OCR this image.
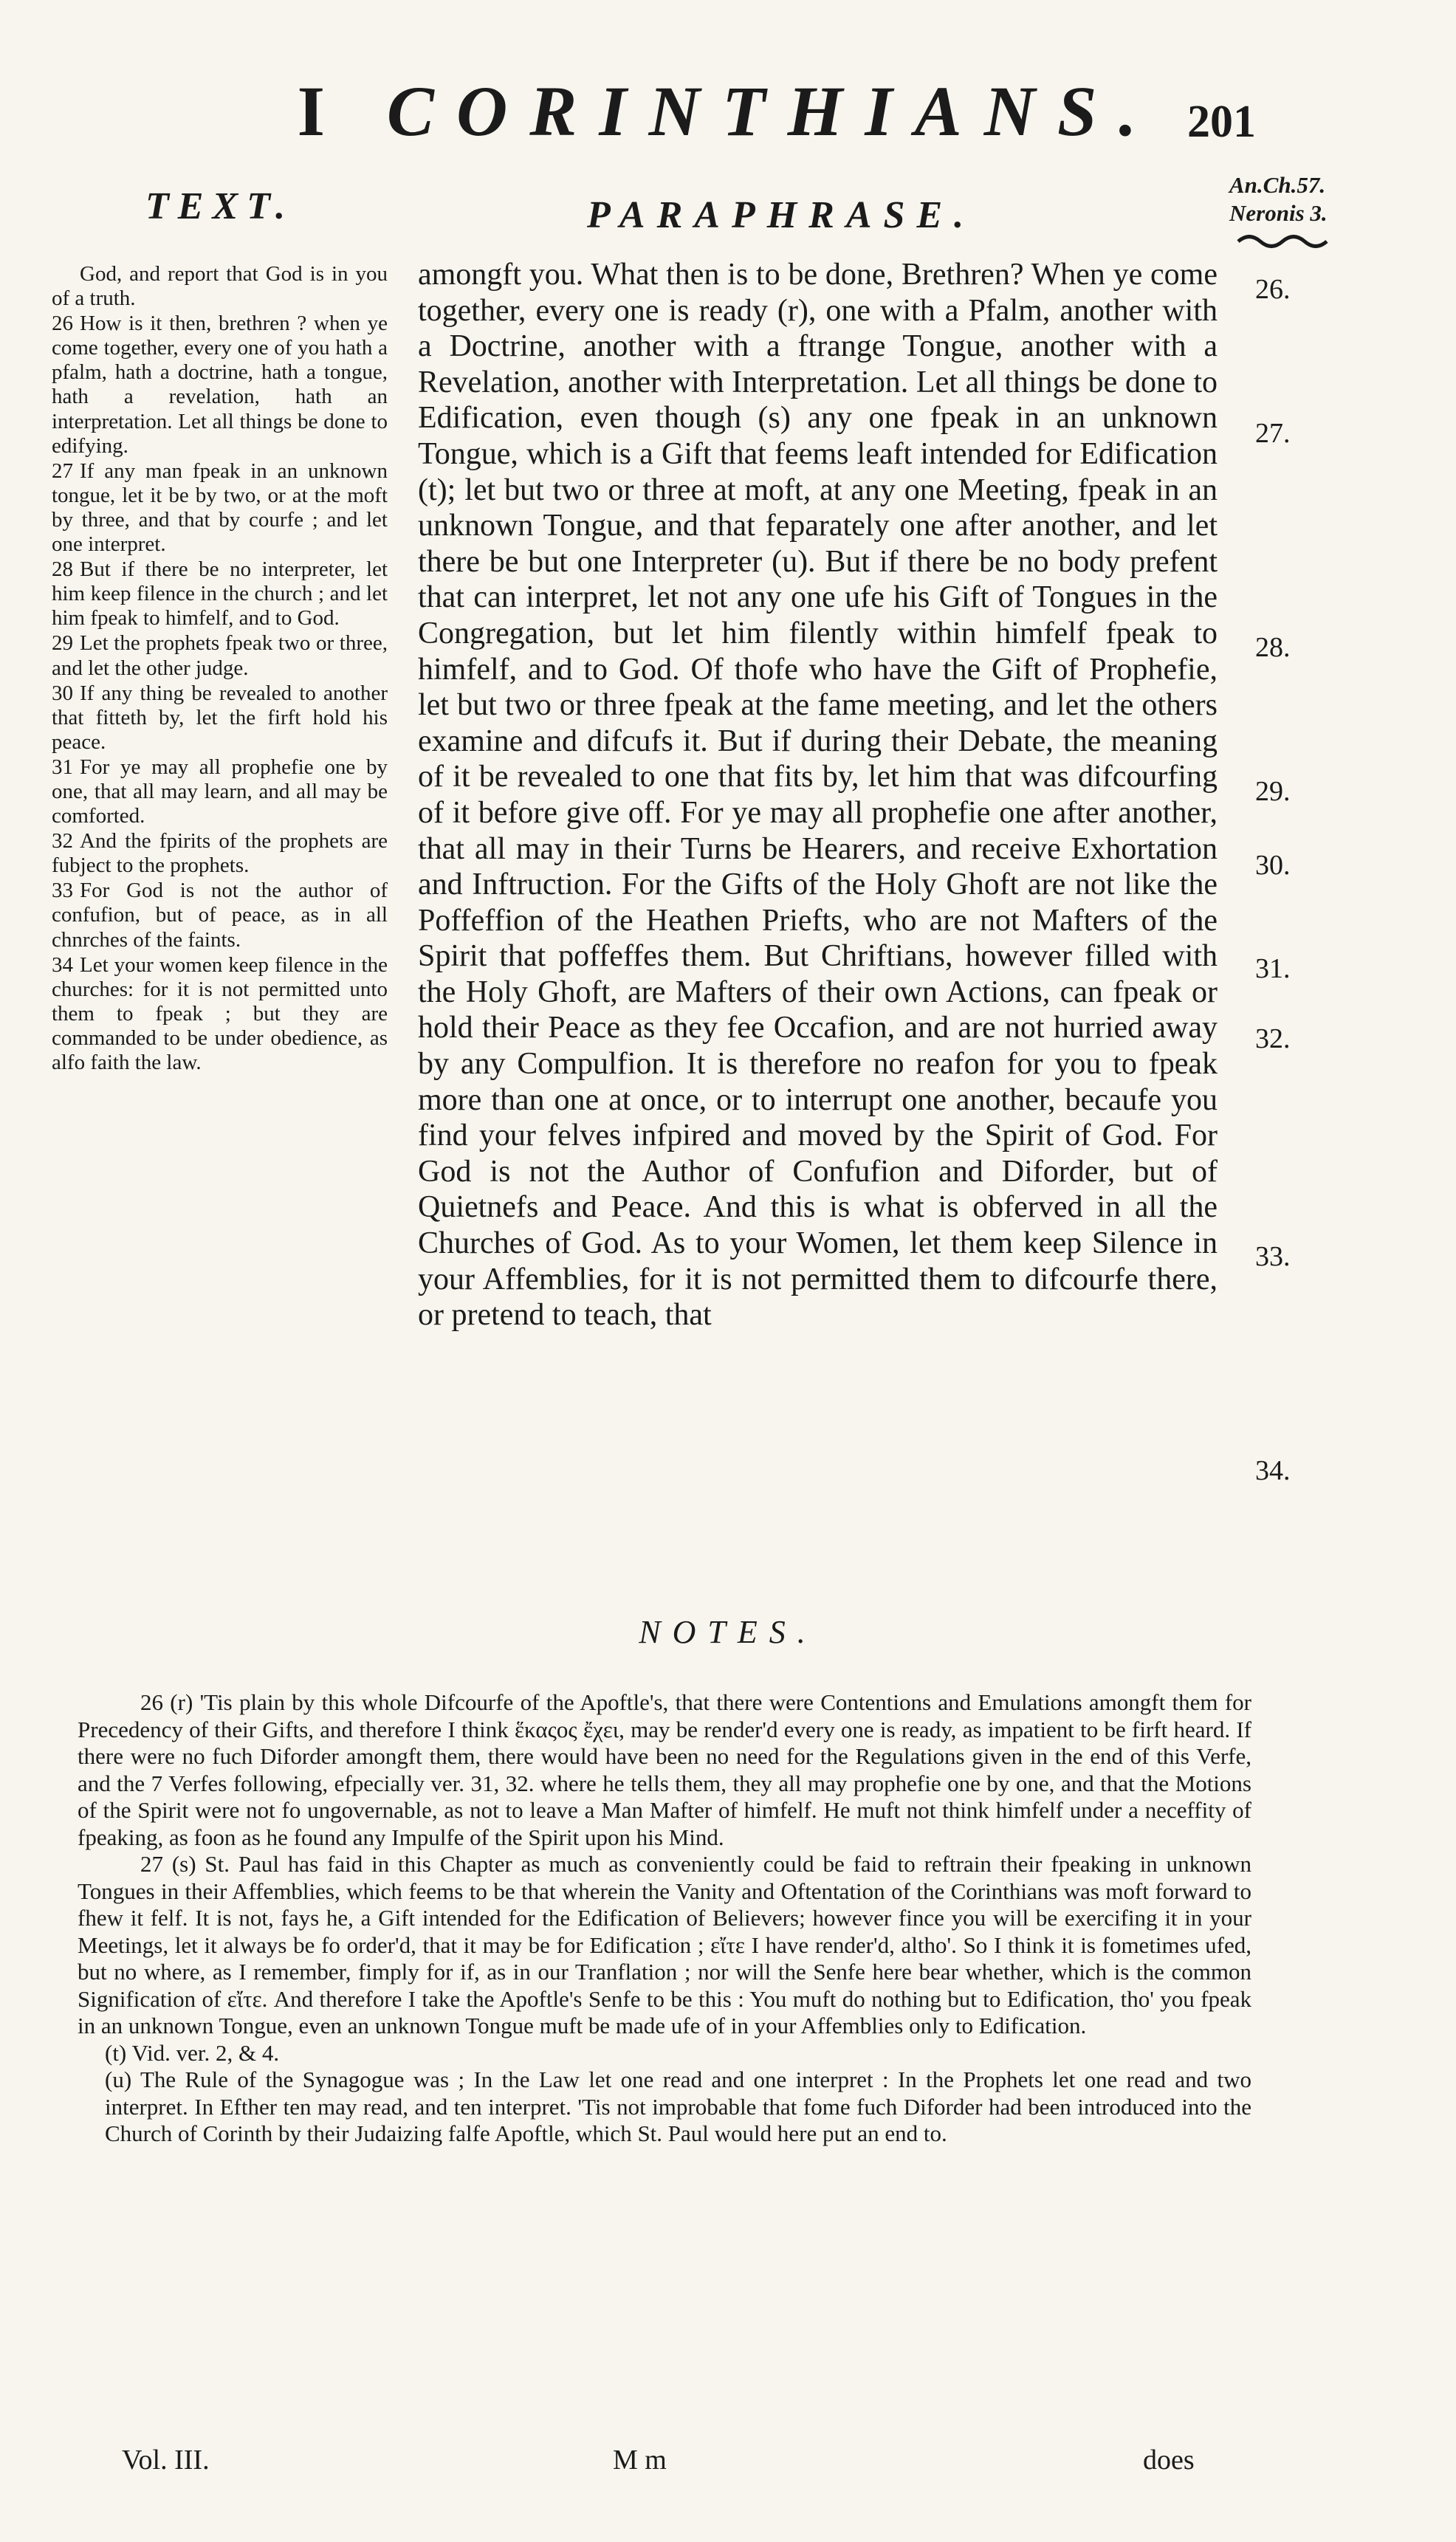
I CORINTHIANS. 201
TEXT.	PARAPHRASE.
An.Ch.57.
Neronis 3.

God, and report that God is in you of a truth.

26 How is it then, brethren ? when ye come together, every one of you hath a pfalm, hath a doctrine, hath a tongue, hath a revelation, hath an interpretation. Let all things be done to edifying.

27 If any man fpeak in an unknown tongue, let it be by two, or at the moft by three, and that by courfe ; and let one interpret.

28 But if there be no interpreter, let him keep filence in the church ; and let him fpeak to himfelf, and to God.

29 Let the prophets fpeak two or three, and let the other judge.

30 If any thing be revealed to another that fitteth by, let the firft hold his peace.

31 For ye may all prophefie one by one, that all may learn, and all may be comforted.

32 And the fpirits of the prophets are fubject to the prophets.

33 For God is not the author of confufion, but of peace, as in all chnrches of the faints.

34 Let your women keep filence in the churches: for it is not permitted unto them to fpeak ; but they are commanded to be under obedience, as alfo faith the law.

amongft you. What then is to be done, Brethren? When ye come together, every one is ready (r), one with a Pfalm, another with a Doctrine, another with a ftrange Tongue, another with a Revelation, another with Interpretation. Let all things be done to Edification, even though (s) any one fpeak in an unknown Tongue, which is a Gift that feems leaft intended for Edification (t); let but two or three at moft, at any one Meeting, fpeak in an unknown Tongue, and that feparately one after another, and let there be but one Interpreter (u). But if there be no body prefent that can interpret, let not any one ufe his Gift of Tongues in the Congregation, but let him filently within himfelf fpeak to himfelf, and to God. Of thofe who have the Gift of Prophefie, let but two or three fpeak at the fame meeting, and let the others examine and difcufs it. But if during their Debate, the meaning of it be revealed to one that fits by, let him that was difcourfing of it before give off. For ye may all prophefie one after another, that all may in their Turns be Hearers, and receive Exhortation and Inftruction. For the Gifts of the Holy Ghoft are not like the Poffeffion of the Heathen Priefts, who are not Mafters of the Spirit that poffeffes them. But Chriftians, however filled with the Holy Ghoft, are Mafters of their own Actions, can fpeak or hold their Peace as they fee Occafion, and are not hurried away by any Compulfion. It is therefore no reafon for you to fpeak more than one at once, or to interrupt one another, becaufe you find your felves infpired and moved by the Spirit of God. For God is not the Author of Confufion and Diforder, but of Quietnefs and Peace. And this is what is obferved in all the Churches of God. As to your Women, let them keep Silence in your Affemblies, for it is not permitted them to difcourfe there, or pretend to teach, that

26.
27.
28.
29.
30.
31.
32.
33.
34.
NOTES.

26 (r) 'Tis plain by this whole Difcourfe of the Apoftle's, that there were Contentions and Emulations amongft them for Precedency of their Gifts, and therefore I think ἕκαςος ἔχει, may be render'd every one is ready, as impatient to be firft heard. If there were no fuch Diforder amongft them, there would have been no need for the Regulations given in the end of this Verfe, and the 7 Verfes following, efpecially ver. 31, 32. where he tells them, they all may prophefie one by one, and that the Motions of the Spirit were not fo ungovernable, as not to leave a Man Mafter of himfelf. He muft not think himfelf under a neceffity of fpeaking, as foon as he found any Impulfe of the Spirit upon his Mind.

27 (s) St. Paul has faid in this Chapter as much as conveniently could be faid to reftrain their fpeaking in unknown Tongues in their Affemblies, which feems to be that wherein the Vanity and Oftentation of the Corinthians was moft forward to fhew it felf. It is not, fays he, a Gift intended for the Edification of Believers; however fince you will be exercifing it in your Meetings, let it always be fo order'd, that it may be for Edification ; εἴτε I have render'd, altho'. So I think it is fometimes ufed, but no where, as I remember, fimply for if, as in our Tranflation ; nor will the Senfe here bear whether, which is the common Signification of εἴτε. And therefore I take the Apoftle's Senfe to be this : You muft do nothing but to Edification, tho' you fpeak in an unknown Tongue, even an unknown Tongue muft be made ufe of in your Affemblies only to Edification.

(t) Vid. ver. 2, & 4.

(u) The Rule of the Synagogue was ; In the Law let one read and one interpret : In the Prophets let one read and two interpret. In Efther ten may read, and ten interpret. 'Tis not improbable that fome fuch Diforder had been introduced into the Church of Corinth by their Judaizing falfe Apoftle, which St. Paul would here put an end to.

Vol. III.	M m	does
